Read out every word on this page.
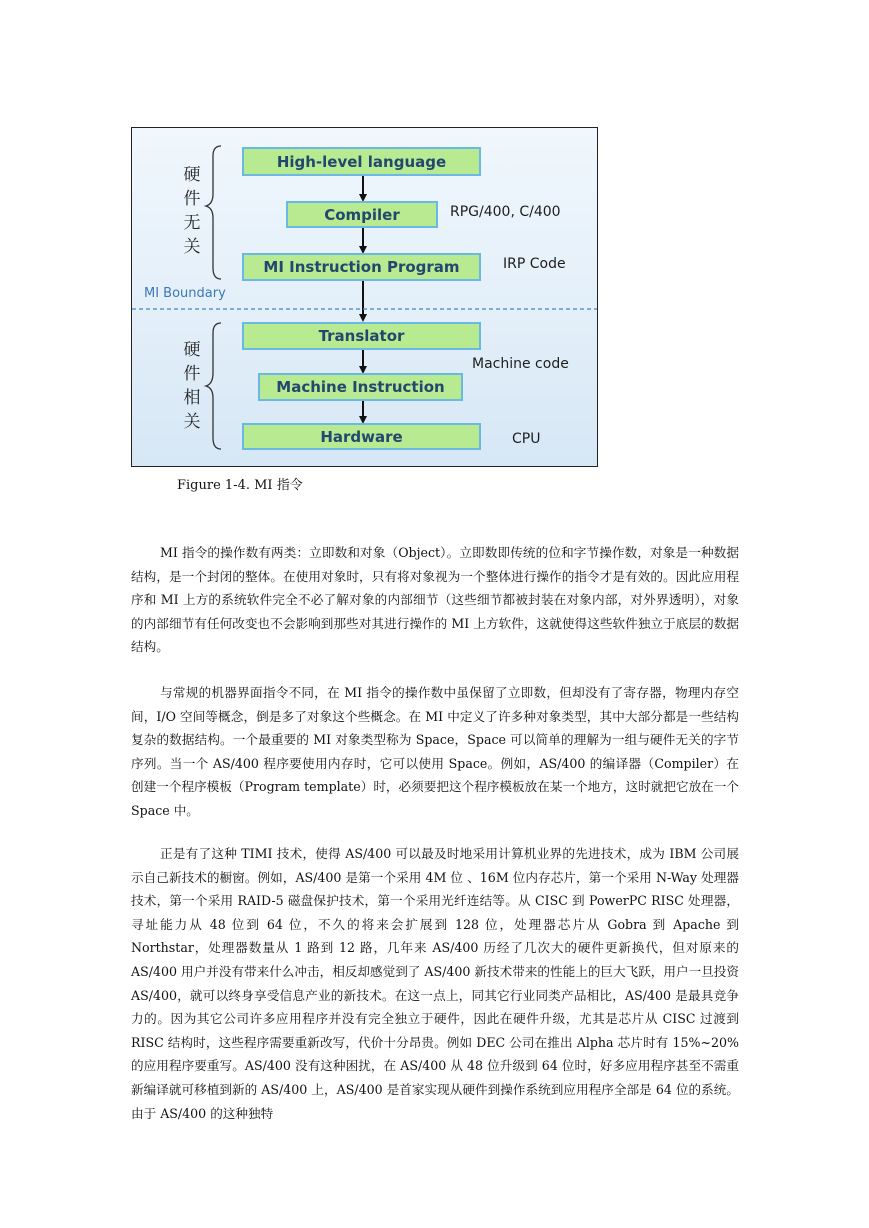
硬
件
无
关
硬
件
相
关
High-level language
Compiler
MI Instruction Program
Translator
Machine Instruction
Hardware
RPG/400, C/400
IRP Code
Machine code
CPU
MI Boundary
Figure 1-4. MI 指令

MI 指令的操作数有两类：立即数和对象（Object）。立即数即传统的位和字节操作数，对象是一种数据结构，是一个封闭的整体。在使用对象时，只有将对象视为一个整体进行操作的指令才是有效的。因此应用程序和 MI 上方的系统软件完全不必了解对象的内部细节（这些细节都被封装在对象内部，对外界透明），对象的内部细节有任何改变也不会影响到那些对其进行操作的 MI 上方软件，这就使得这些软件独立于底层的数据结构。

与常规的机器界面指令不同，在 MI 指令的操作数中虽保留了立即数，但却没有了寄存器，物理内存空间，I/O 空间等概念，倒是多了对象这个些概念。在 MI 中定义了许多种对象类型，其中大部分都是一些结构复杂的数据结构。一个最重要的 MI 对象类型称为 Space，Space 可以简单的理解为一组与硬件无关的字节序列。当一个 AS/400 程序要使用内存时，它可以使用 Space。例如，AS/400 的编译器（Compiler）在创建一个程序模板（Program template）时，必须要把这个程序模板放在某一个地方，这时就把它放在一个 Space 中。

正是有了这种 TIMI 技术，使得 AS/400 可以最及时地采用计算机业界的先进技术，成为 IBM 公司展示自己新技术的橱窗。例如，AS/400 是第一个采用 4M 位 、16M 位内存芯片，第一个采用 N-Way 处理器技术，第一个采用 RAID-5 磁盘保护技术，第一个采用光纤连结等。从 CISC 到 PowerPC RISC 处理器，寻址能力从 48 位到 64 位，不久的将来会扩展到 128 位，处理器芯片从 Gobra 到 Apache 到 Northstar，处理器数量从 1 路到 12 路，几年来 AS/400 历经了几次大的硬件更新换代，但对原来的 AS/400 用户并没有带来什么冲击，相反却感觉到了 AS/400 新技术带来的性能上的巨大飞跃，用户一旦投资 AS/400，就可以终身享受信息产业的新技术。在这一点上，同其它行业同类产品相比，AS/400 是最具竞争力的。因为其它公司许多应用程序并没有完全独立于硬件，因此在硬件升级，尤其是芯片从 CISC 过渡到 RISC 结构时，这些程序需要重新改写，代价十分昂贵。例如 DEC 公司在推出 Alpha 芯片时有 15%~20%的应用程序要重写。AS/400 没有这种困扰，在 AS/400 从 48 位升级到 64 位时，好多应用程序甚至不需重新编译就可移植到新的 AS/400 上，AS/400 是首家实现从硬件到操作系统到应用程序全部是 64 位的系统。由于 AS/400 的这种独特
